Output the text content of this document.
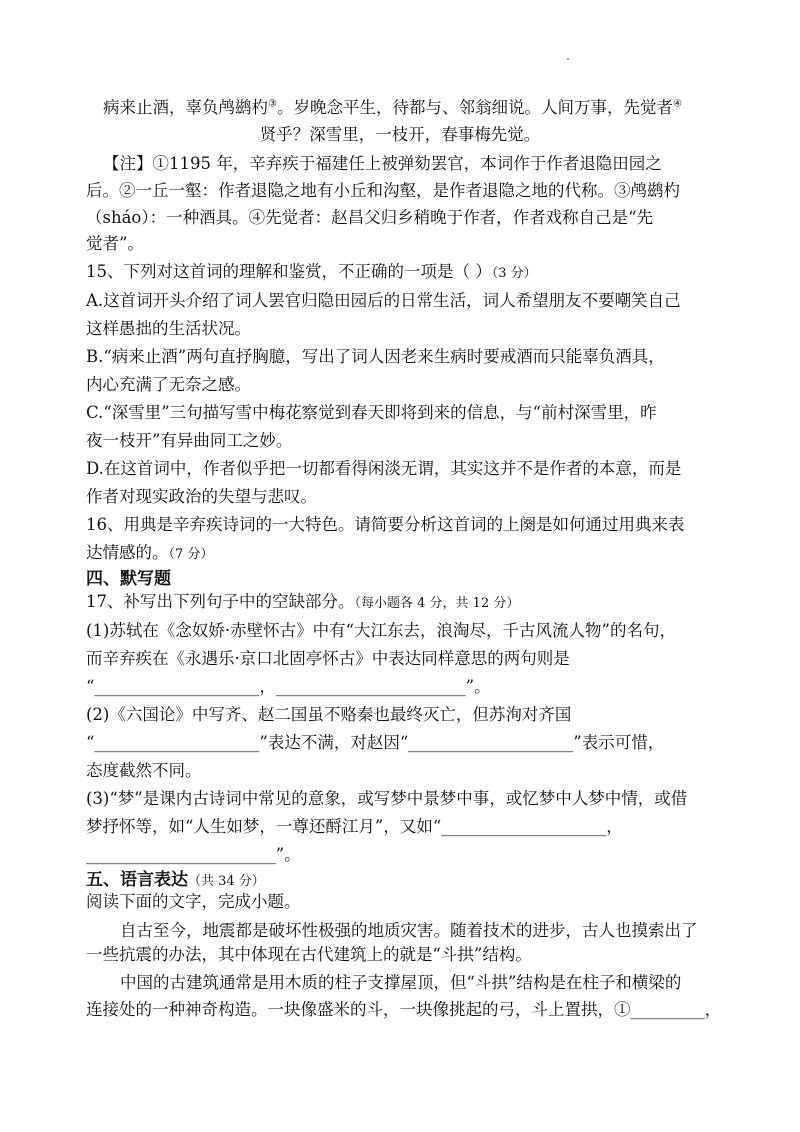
病来止酒，辜负鸬鹚杓③。岁晚念平生，待都与、邻翁细说。人间万事，先觉者④
贤乎？深雪里，一枝开，春事梅先觉。
【注】①1195 年，辛弃疾于福建任上被弹劾罢官，本词作于作者退隐田园之
后。②一丘一壑：作者退隐之地有小丘和沟壑，是作者退隐之地的代称。③鸬鹚杓
（sháo）：一种酒具。④先觉者：赵昌父归乡稍晚于作者，作者戏称自己是“先
觉者”。
15、下列对这首词的理解和鉴赏，不正确的一项是（ ）（3 分）
A.这首词开头介绍了词人罢官归隐田园后的日常生活，词人希望朋友不要嘲笑自己
这样愚拙的生活状况。
B.“病来止酒”两句直抒胸臆，写出了词人因老来生病时要戒酒而只能辜负酒具，
内心充满了无奈之感。
C.“深雪里”三句描写雪中梅花察觉到春天即将到来的信息，与“前村深雪里，昨
夜一枝开”有异曲同工之妙。
D.在这首词中，作者似乎把一切都看得闲淡无谓，其实这并不是作者的本意，而是
作者对现实政治的失望与悲叹。
16、用典是辛弃疾诗词的一大特色。请简要分析这首词的上阕是如何通过用典来表
达情感的。（7 分）
四、默写题
17、补写出下列句子中的空缺部分。（每小题各 4 分，共 12 分）
(1)苏轼在《念奴娇·赤壁怀古》中有“大江东去，浪淘尽，千古风流人物”的名句，
而辛弃疾在《永遇乐·京口北固亭怀古》中表达同样意思的两句则是
“____________________，_______________________”。
(2)《六国论》中写齐、赵二国虽不赂秦也最终灭亡，但苏洵对齐国
“____________________”表达不满，对赵因“____________________”表示可惜，
态度截然不同。
(3)“梦”是课内古诗词中常见的意象，或写梦中景梦中事，或忆梦中人梦中情，或借
梦抒怀等，如“人生如梦，一尊还酹江月”，又如“____________________，
_______________________”。
五、语言表达（共 34 分）
阅读下面的文字，完成小题。
自古至今，地震都是破坏性极强的地质灾害。随着技术的进步，古人也摸索出了
一些抗震的办法，其中体现在古代建筑上的就是“斗拱”结构。
中国的古建筑通常是用木质的柱子支撑屋顶，但“斗拱”结构是在柱子和横梁的
连接处的一种神奇构造。一块像盛米的斗，一块像挑起的弓，斗上置拱，①_________，
